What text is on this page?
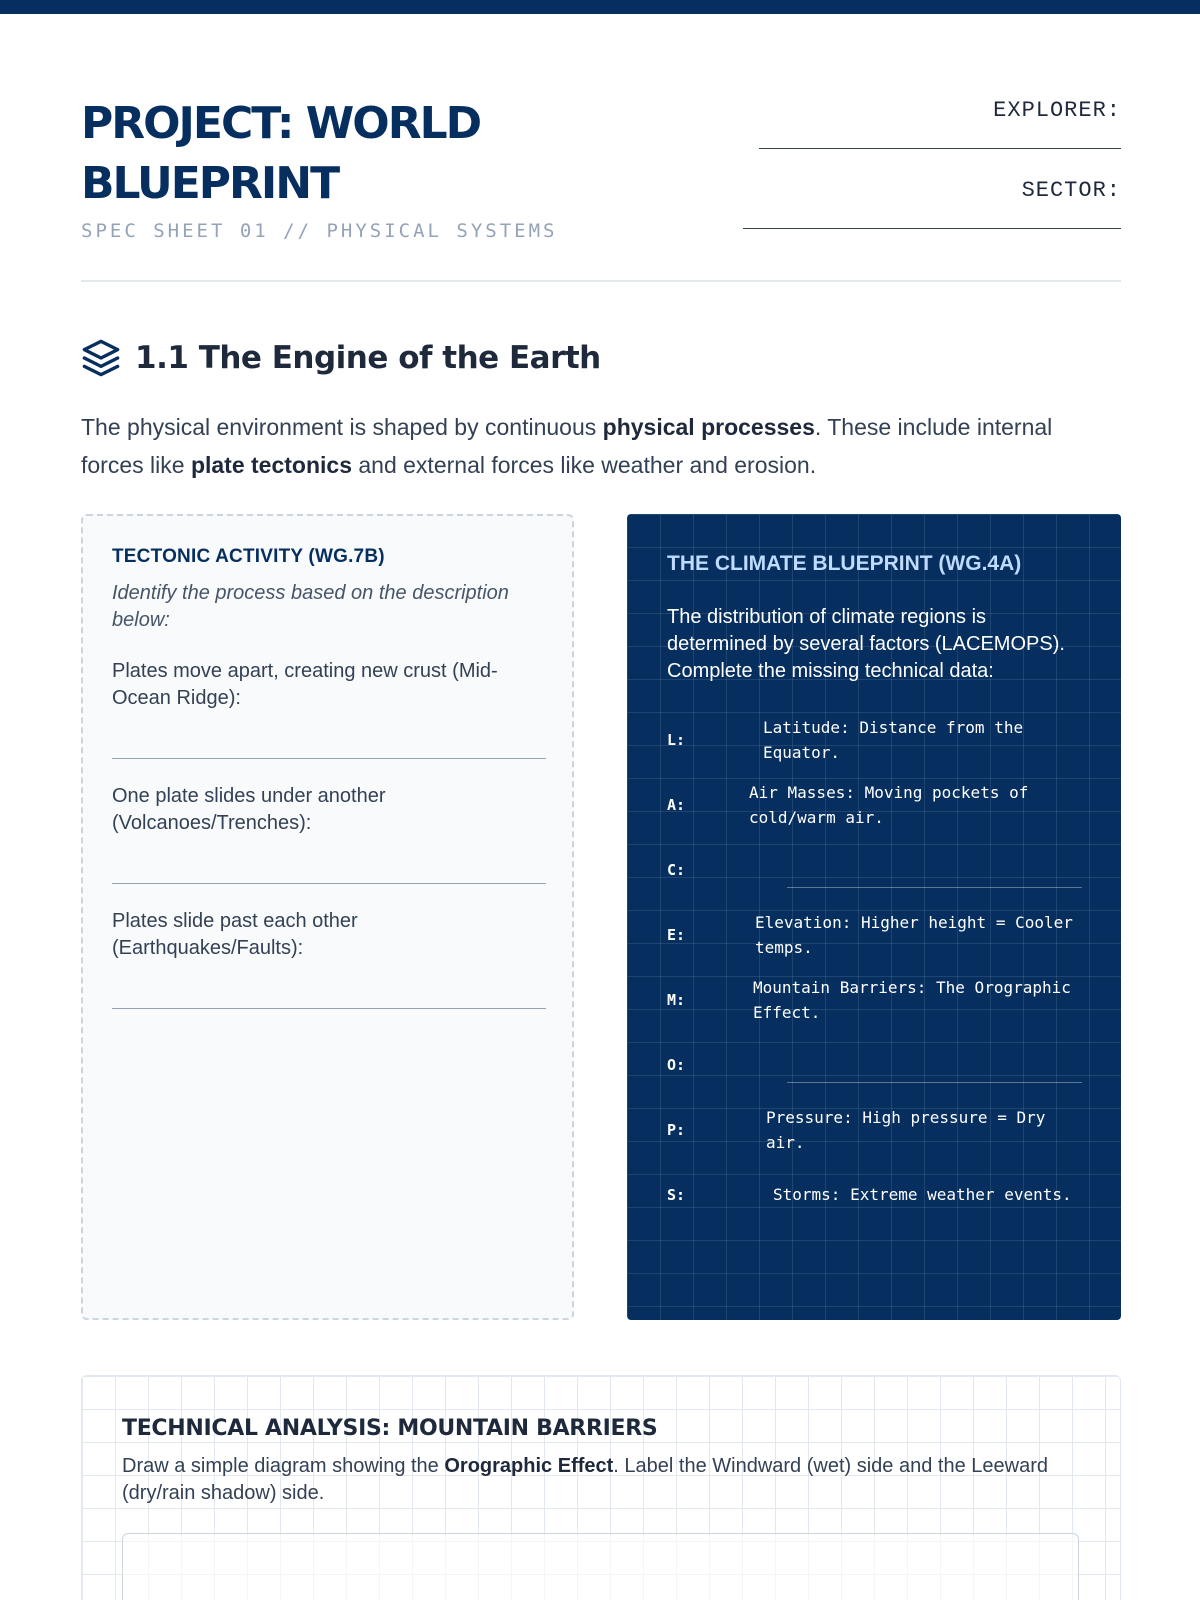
PROJECT: WORLD BLUEPRINT
SPEC SHEET 01 // PHYSICAL SYSTEMS
EXPLORER:
SECTOR:
1.1 The Engine of the Earth

The physical environment is shaped by continuous physical processes. These include internal forces like plate tectonics and external forces like weather and erosion.

TECTONIC ACTIVITY (WG.7B)
Identify the process based on the description below:
Plates move apart, creating new crust (Mid-Ocean Ridge):
One plate slides under another (Volcanoes/Trenches):
Plates slide past each other (Earthquakes/Faults):
THE CLIMATE BLUEPRINT (WG.4A)
The distribution of climate regions is determined by several factors (LACEMOPS). Complete the missing technical data:
L:
Latitude: Distance from the Equator.
A:
Air Masses: Moving pockets of cold/warm air.
C:
E:
Elevation: Higher height = Cooler temps.
M:
Mountain Barriers: The Orographic Effect.
O:
P:
Pressure: High pressure = Dry air.
S:	Storms: Extreme weather events.
TECHNICAL ANALYSIS: MOUNTAIN BARRIERS

Draw a simple diagram showing the Orographic Effect. Label the Windward (wet) side and the Leeward (dry/rain shadow) side.
